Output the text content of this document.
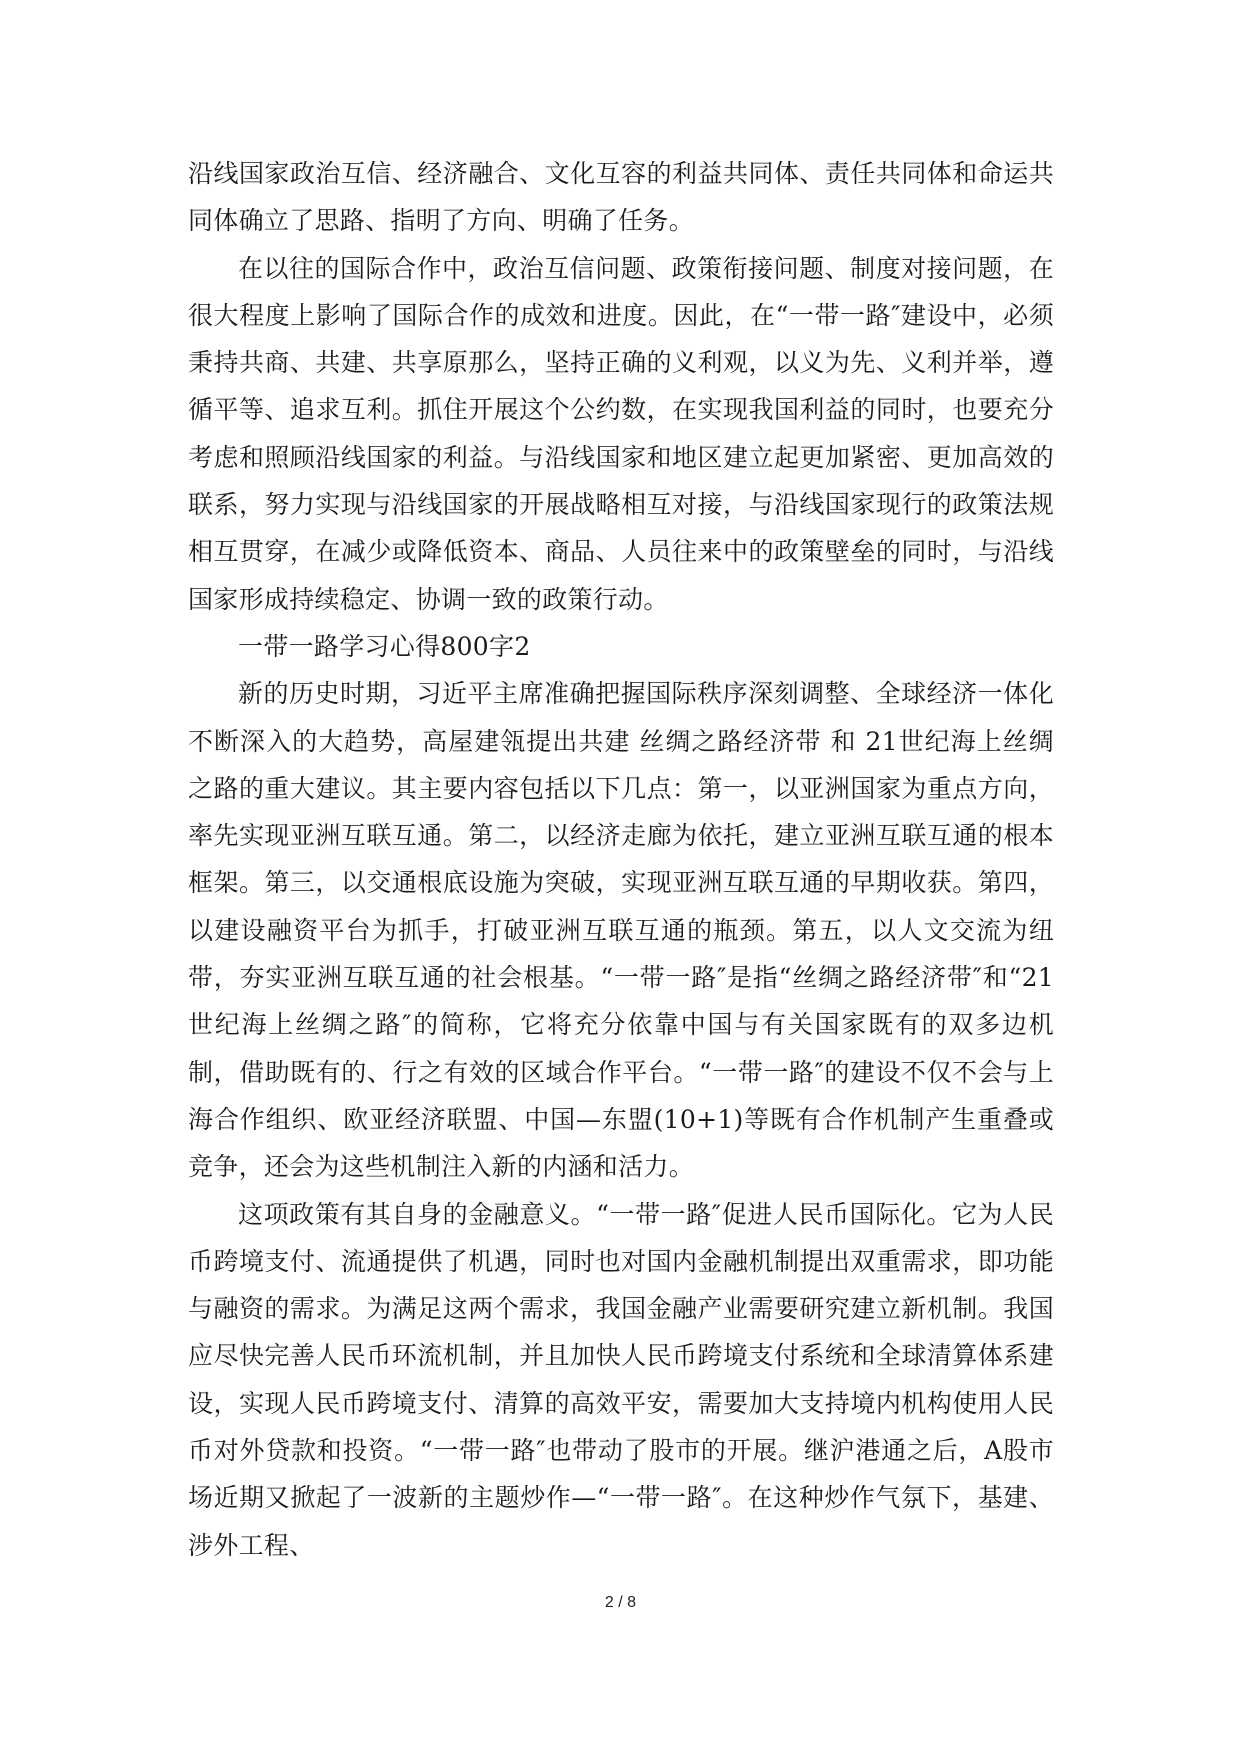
沿线国家政治互信、经济融合、文化互容的利益共同体、责任共同体和命运共同体确立了思路、指明了方向、明确了任务。

在以往的国际合作中，政治互信问题、政策衔接问题、制度对接问题，在很大程度上影响了国际合作的成效和进度。因此，在“一带一路″建设中，必须秉持共商、共建、共享原那么，坚持正确的义利观，以义为先、义利并举，遵循平等、追求互利。抓住开展这个公约数，在实现我国利益的同时，也要充分考虑和照顾沿线国家的利益。与沿线国家和地区建立起更加紧密、更加高效的联系，努力实现与沿线国家的开展战略相互对接，与沿线国家现行的政策法规相互贯穿，在减少或降低资本、商品、人员往来中的政策壁垒的同时，与沿线国家形成持续稳定、协调一致的政策行动。

一带一路学习心得800字2

新的历史时期，习近平主席准确把握国际秩序深刻调整、全球经济一体化不断深入的大趋势，高屋建瓴提出共建 丝绸之路经济带 和 21世纪海上丝绸之路的重大建议。其主要内容包括以下几点：第一，以亚洲国家为重点方向，率先实现亚洲互联互通。第二，以经济走廊为依托，建立亚洲互联互通的根本框架。第三，以交通根底设施为突破，实现亚洲互联互通的早期收获。第四，以建设融资平台为抓手，打破亚洲互联互通的瓶颈。第五，以人文交流为纽带，夯实亚洲互联互通的社会根基。“一带一路″是指“丝绸之路经济带″和“21世纪海上丝绸之路″的简称，它将充分依靠中国与有关国家既有的双多边机制，借助既有的、行之有效的区域合作平台。“一带一路″的建设不仅不会与上海合作组织、欧亚经济联盟、中国—东盟(10+1)等既有合作机制产生重叠或竞争，还会为这些机制注入新的内涵和活力。

这项政策有其自身的金融意义。“一带一路″促进人民币国际化。它为人民币跨境支付、流通提供了机遇，同时也对国内金融机制提出双重需求，即功能与融资的需求。为满足这两个需求，我国金融产业需要研究建立新机制。我国应尽快完善人民币环流机制，并且加快人民币跨境支付系统和全球清算体系建设，实现人民币跨境支付、清算的高效平安，需要加大支持境内机构使用人民币对外贷款和投资。“一带一路″也带动了股市的开展。继沪港通之后，A股市场近期又掀起了一波新的主题炒作—“一带一路″。在这种炒作气氛下，基建、涉外工程、

2 / 8
